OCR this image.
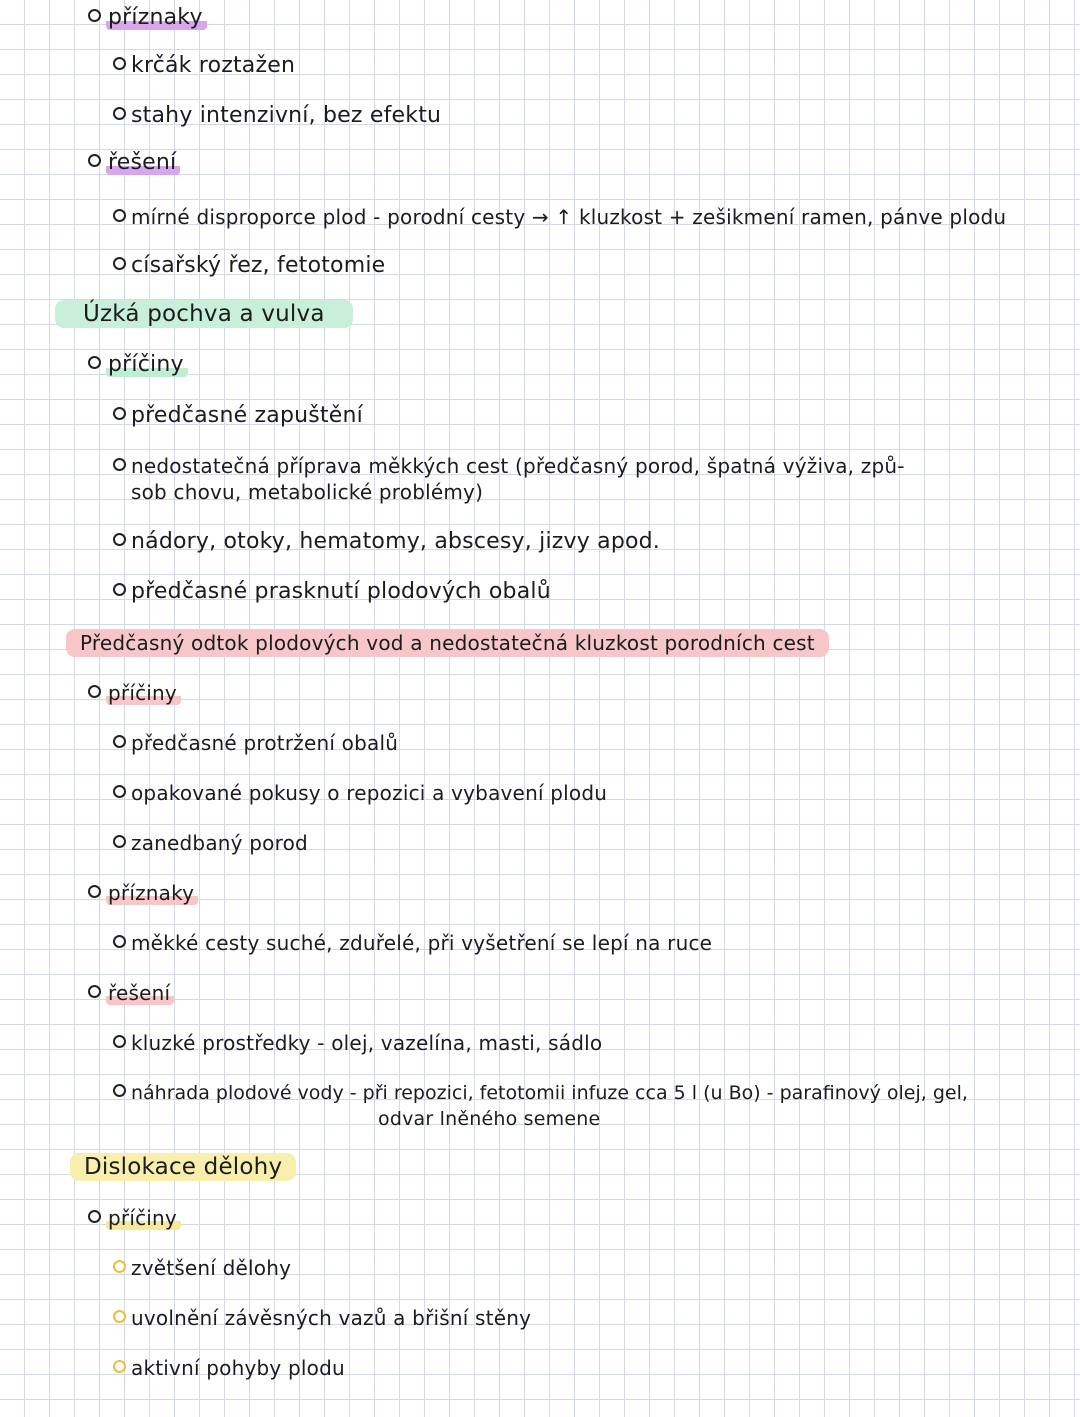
příznaky
krčák roztažen
stahy intenzivní, bez efektu
řešení
mírné disproporce plod - porodní cesty → ↑ kluzkost + zešikmení ramen, pánve plodu
císařský řez, fetotomie
Úzká pochva a vulva
příčiny
předčasné zapuštění
nedostatečná příprava měkkých cest (předčasný porod, špatná výživa, způ-
sob chovu, metabolické problémy)
nádory, otoky, hematomy, abscesy, jizvy apod.
předčasné prasknutí plodových obalů
Předčasný odtok plodových vod a nedostatečná kluzkost porodních cest
příčiny
předčasné protržení obalů
opakované pokusy o repozici a vybavení plodu
zanedbaný porod
příznaky
měkké cesty suché, zduřelé, při vyšetření se lepí na ruce
řešení
kluzké prostředky - olej, vazelína, masti, sádlo
náhrada plodové vody - při repozici, fetotomii infuze cca 5 l (u Bo) - parafinový olej, gel,
odvar lněného semene
Dislokace dělohy
příčiny
zvětšení dělohy
uvolnění závěsných vazů a břišní stěny
aktivní pohyby plodu
